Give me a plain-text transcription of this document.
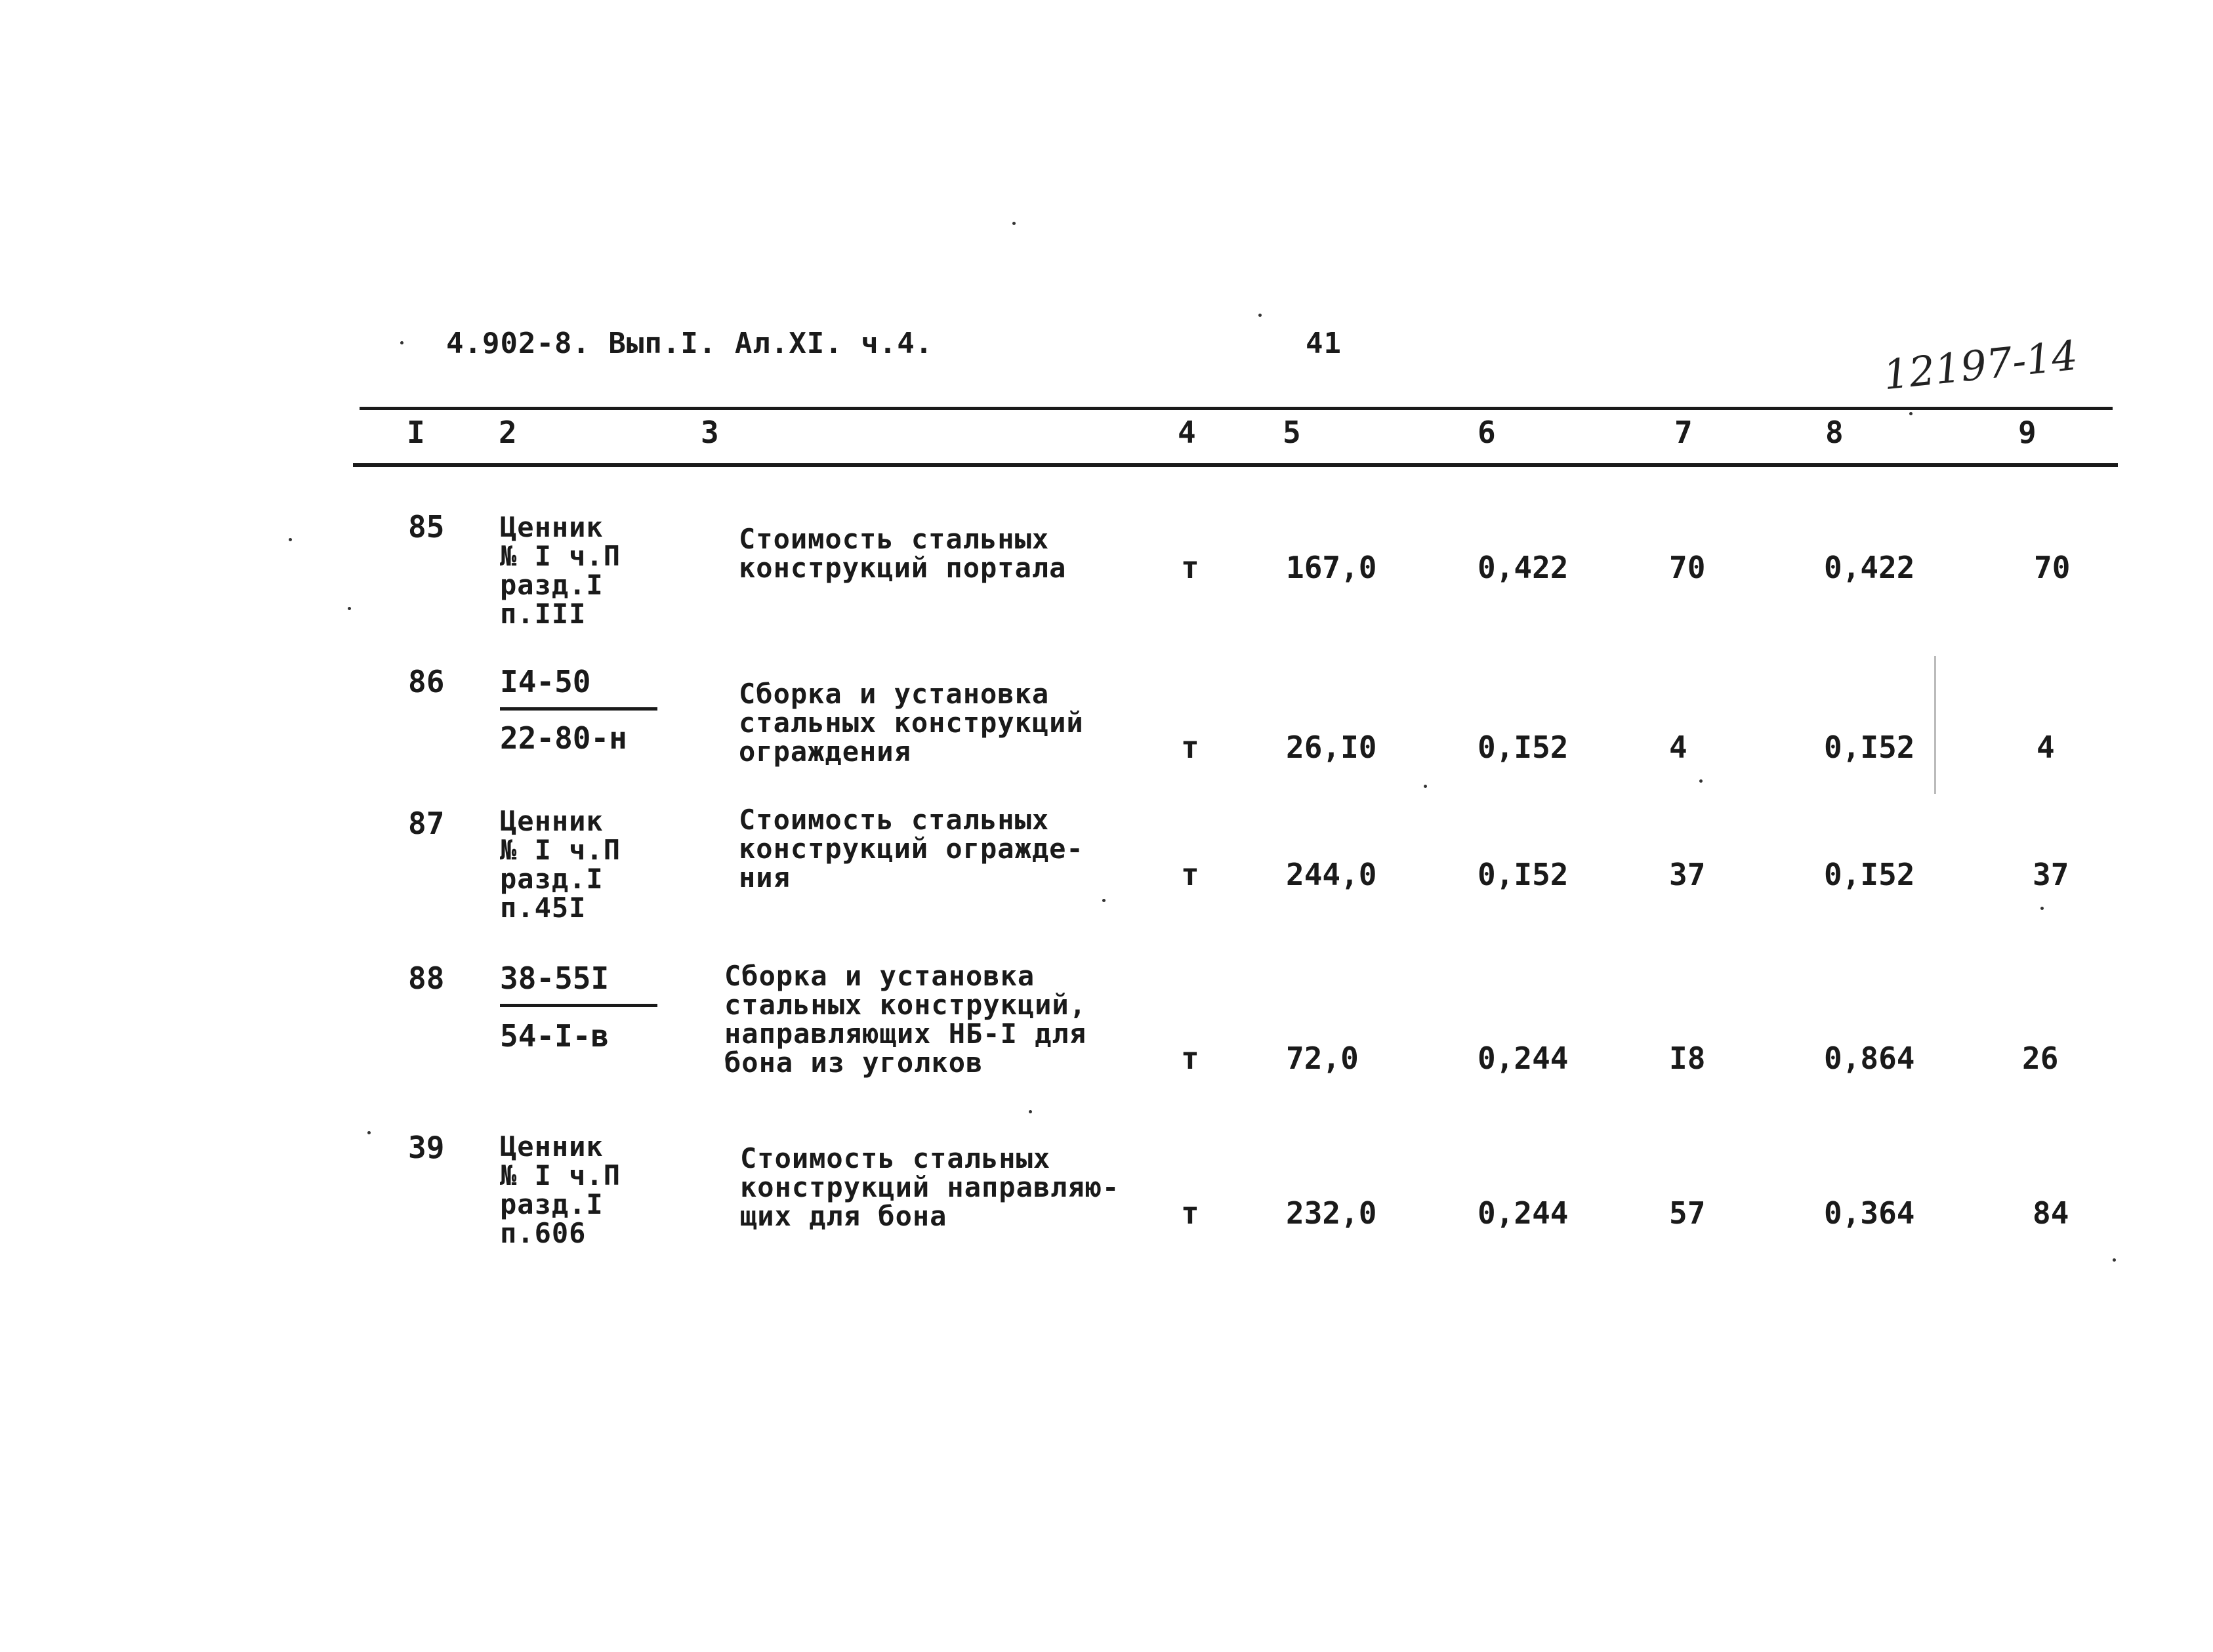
4.902-8. Вып.I. Ал.XI. ч.4.	41	12197-14
I 2	3	4	5	6	7	8	9
85 Ценник
№ I ч.П
разд.I
п.III
Стоимость стальных
конструкций портала	т	167,0	0,422	70	0,422	70
86 I4-50
22-80-н
Сборка и установка
стальных конструкций
ограждения	т	26,I0	0,I52	4	0,I52	4
87 Ценник
№ I ч.П
разд.I
п.45I
Стоимость стальных
конструкций огражде-
ния	т	244,0	0,I52	37	0,I52	37
88 38-55I
54-I-в
Сборка и установка
стальных конструкций,
направляющих НБ-I для
бона из уголков	т	72,0	0,244	I8	0,864	26
39 Ценник
№ I ч.П
разд.I
п.606
Стоимость стальных
конструкций направляю-
щих для бона	т	232,0	0,244	57	0,364	84
